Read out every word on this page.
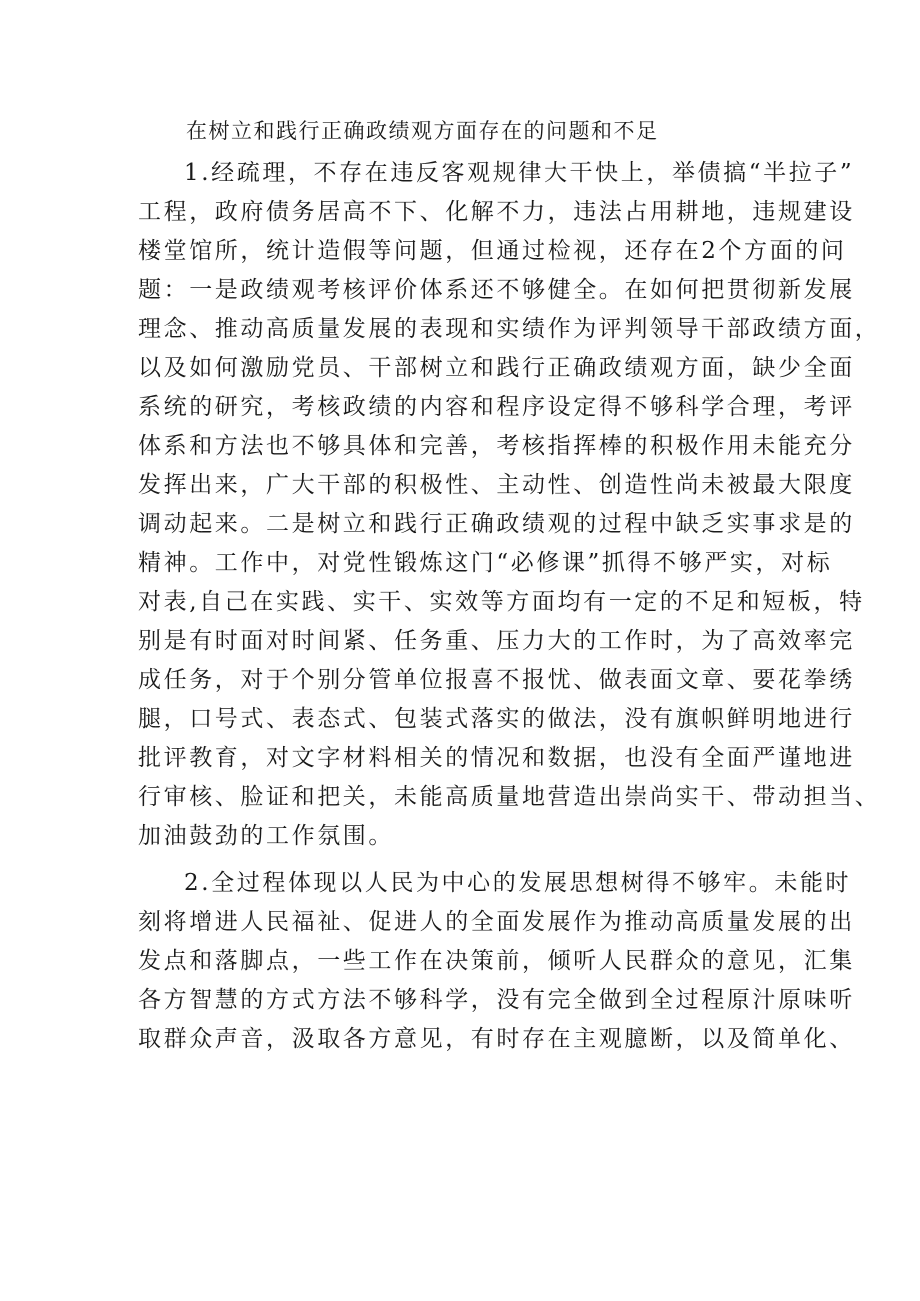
在树立和践行正确政绩观方面存在的问题和不足
1.经疏理，不存在违反客观规律大干快上，举债搞“半拉子”
工程，政府债务居高不下、化解不力，违法占用耕地，违规建设
楼堂馆所，统计造假等问题，但通过检视，还存在2个方面的问
题：一是政绩观考核评价体系还不够健全。在如何把贯彻新发展
理念、推动高质量发展的表现和实绩作为评判领导干部政绩方面，
以及如何激励党员、干部树立和践行正确政绩观方面，缺少全面
系统的研究，考核政绩的内容和程序设定得不够科学合理，考评
体系和方法也不够具体和完善，考核指挥棒的积极作用未能充分
发挥出来，广大干部的积极性、主动性、创造性尚未被最大限度
调动起来。二是树立和践行正确政绩观的过程中缺乏实事求是的
精神。工作中，对党性锻炼这门“必修课”抓得不够严实，对标
对表,自己在实践、实干、实效等方面均有一定的不足和短板，特
别是有时面对时间紧、任务重、压力大的工作时，为了高效率完
成任务，对于个别分管单位报喜不报忧、做表面文章、要花拳绣
腿，口号式、表态式、包装式落实的做法，没有旗帜鲜明地进行
批评教育，对文字材料相关的情况和数据，也没有全面严谨地进
行审核、脸证和把关，未能高质量地营造出崇尚实干、带动担当、
加油鼓劲的工作氛围。
2.全过程体现以人民为中心的发展思想树得不够牢。未能时
刻将增进人民福祉、促进人的全面发展作为推动高质量发展的出
发点和落脚点，一些工作在决策前，倾听人民群众的意见，汇集
各方智慧的方式方法不够科学，没有完全做到全过程原汁原味听
取群众声音，汲取各方意见，有时存在主观臆断，以及简单化、
